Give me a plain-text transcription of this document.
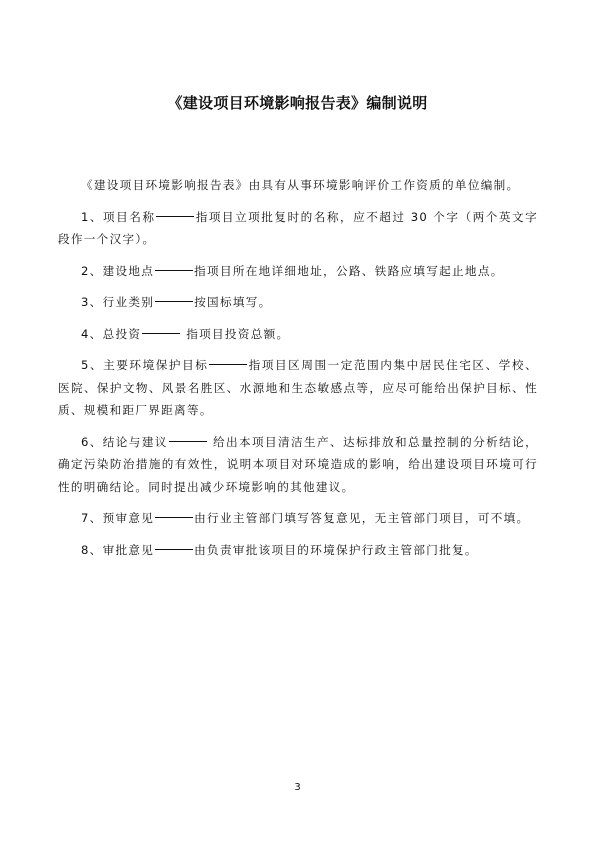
《建设项目环境影响报告表》编制说明

《建设项目环境影响报告表》由具有从事环境影响评价工作资质的单位编制。

1、项目名称	指项目立项批复时的名称，应不超过 30 个字（两个英文字段作一个汉字）。

2、建设地点	指项目所在地详细地址，公路、铁路应填写起止地点。

3、行业类别	按国标填写。

4、总投资	指项目投资总额。

5、主要环境保护目标	指项目区周围一定范围内集中居民住宅区、学校、医院、保护文物、风景名胜区、水源地和生态敏感点等，应尽可能给出保护目标、性质、规模和距厂界距离等。

6、结论与建议	给出本项目清洁生产、达标排放和总量控制的分析结论，确定污染防治措施的有效性，说明本项目对环境造成的影响，给出建设项目环境可行性的明确结论。同时提出减少环境影响的其他建议。

7、预审意见	由行业主管部门填写答复意见，无主管部门项目，可不填。

8、审批意见	由负责审批该项目的环境保护行政主管部门批复。

3
